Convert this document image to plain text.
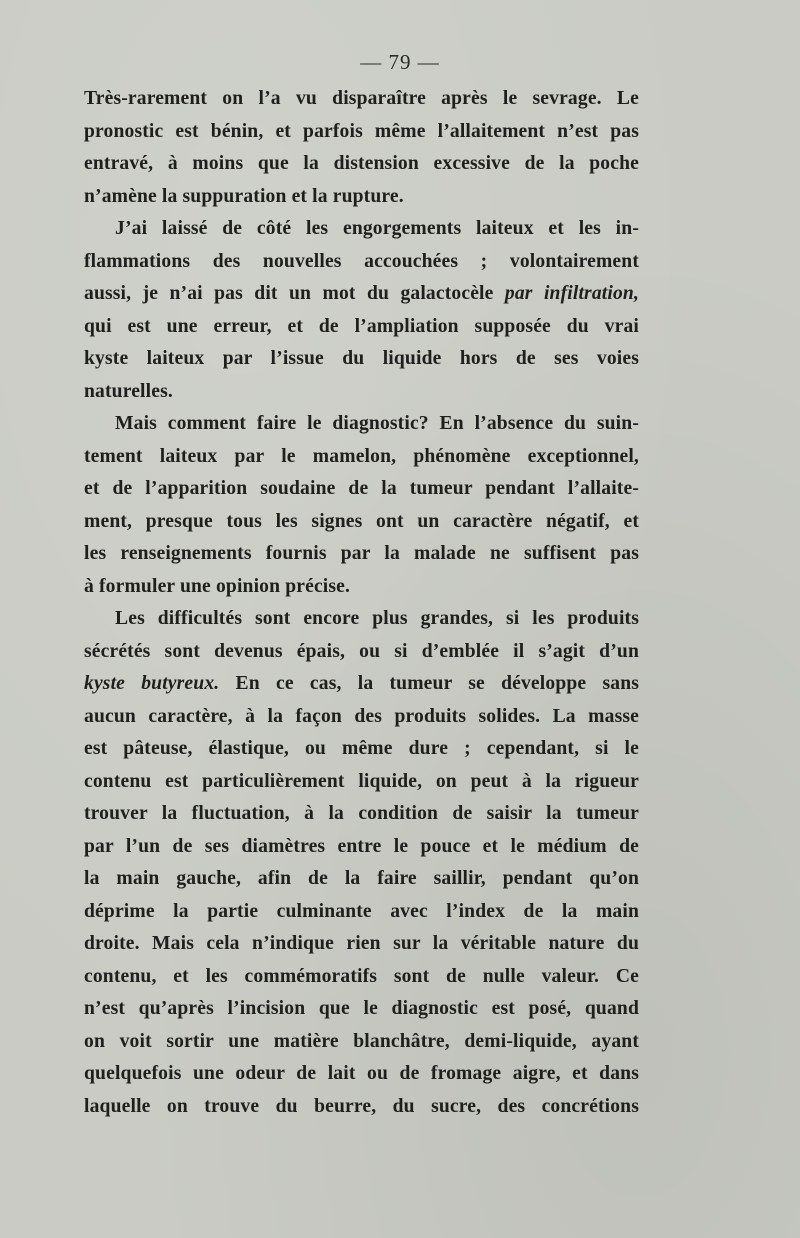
— 79 —
Très-rarement on l’a vu disparaître après le sevrage. Le
pronostic est bénin, et parfois même l’allaitement n’est pas
entravé, à moins que la distension excessive de la poche
n’amène la suppuration et la rupture.
J’ai laissé de côté les engorgements laiteux et les in-
flammations des nouvelles accouchées ; volontairement
aussi, je n’ai pas dit un mot du galactocèle par infiltration,
qui est une erreur, et de l’ampliation supposée du vrai
kyste laiteux par l’issue du liquide hors de ses voies
naturelles.
Mais comment faire le diagnostic? En l’absence du suin-
tement laiteux par le mamelon, phénomène exceptionnel,
et de l’apparition soudaine de la tumeur pendant l’allaite-
ment, presque tous les signes ont un caractère négatif, et
les renseignements fournis par la malade ne suffisent pas
à formuler une opinion précise.
Les difficultés sont encore plus grandes, si les produits
sécrétés sont devenus épais, ou si d’emblée il s’agit d’un
kyste butyreux. En ce cas, la tumeur se développe sans
aucun caractère, à la façon des produits solides. La masse
est pâteuse, élastique, ou même dure ; cependant, si le
contenu est particulièrement liquide, on peut à la rigueur
trouver la fluctuation, à la condition de saisir la tumeur
par l’un de ses diamètres entre le pouce et le médium de
la main gauche, afin de la faire saillir, pendant qu’on
déprime la partie culminante avec l’index de la main
droite. Mais cela n’indique rien sur la véritable nature du
contenu, et les commémoratifs sont de nulle valeur. Ce
n’est qu’après l’incision que le diagnostic est posé, quand
on voit sortir une matière blanchâtre, demi-liquide, ayant
quelquefois une odeur de lait ou de fromage aigre, et dans
laquelle on trouve du beurre, du sucre, des concrétions
